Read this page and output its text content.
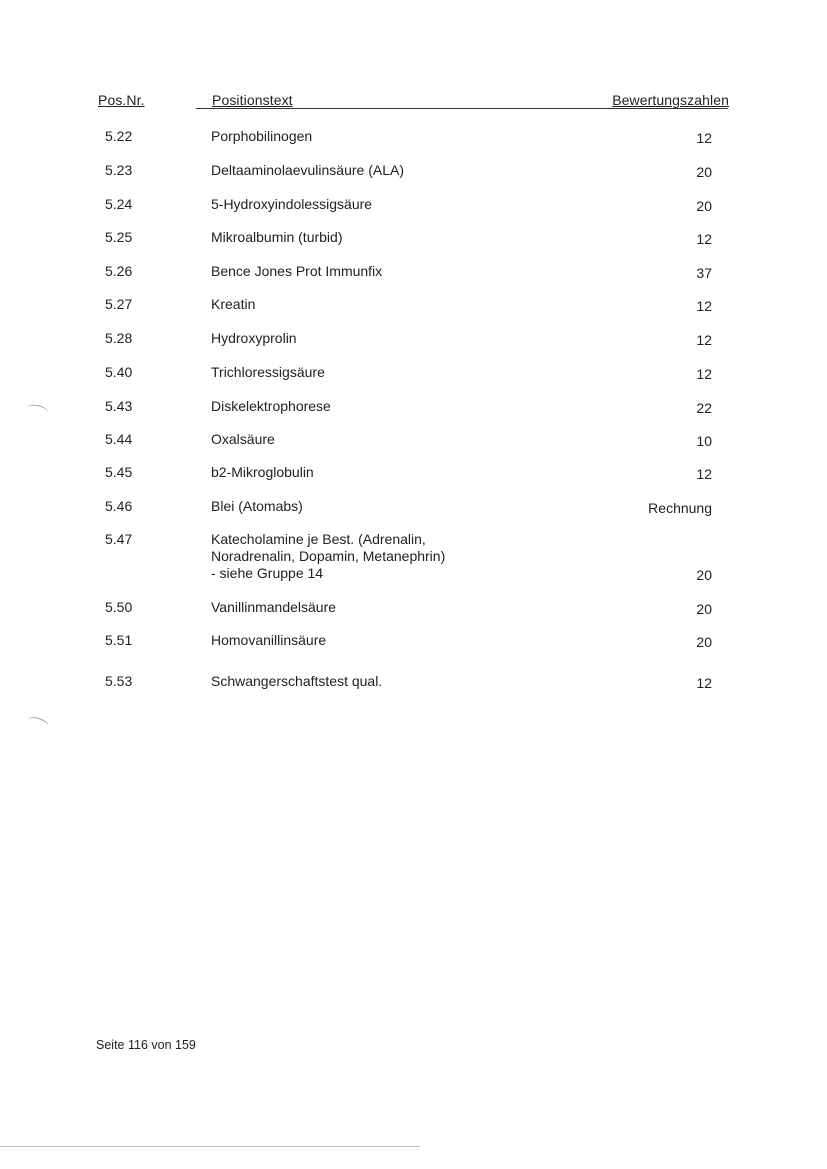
Pos.Nr.	Positionstext	Bewertungszahlen
5.22	Porphobilinogen	12
5.23	Deltaaminolaevulinsäure (ALA)	20
5.24	5-Hydroxyindolessigsäure	20
5.25	Mikroalbumin (turbid)	12
5.26	Bence Jones Prot Immunfix	37
5.27	Kreatin	12
5.28	Hydroxyprolin	12
5.40	Trichloressigsäure	12
5.43	Diskelektrophorese	22
5.44	Oxalsäure	10
5.45	b2-Mikroglobulin	12
5.46	Blei (Atomabs)	Rechnung
5.47	Katecholamine je Best. (Adrenalin,
Noradrenalin, Dopamin, Metanephrin)
- siehe Gruppe 14	20
5.50	Vanillinmandelsäure	20
5.51	Homovanillinsäure	20
5.53	Schwangerschaftstest qual.	12
Seite 116 von 159
